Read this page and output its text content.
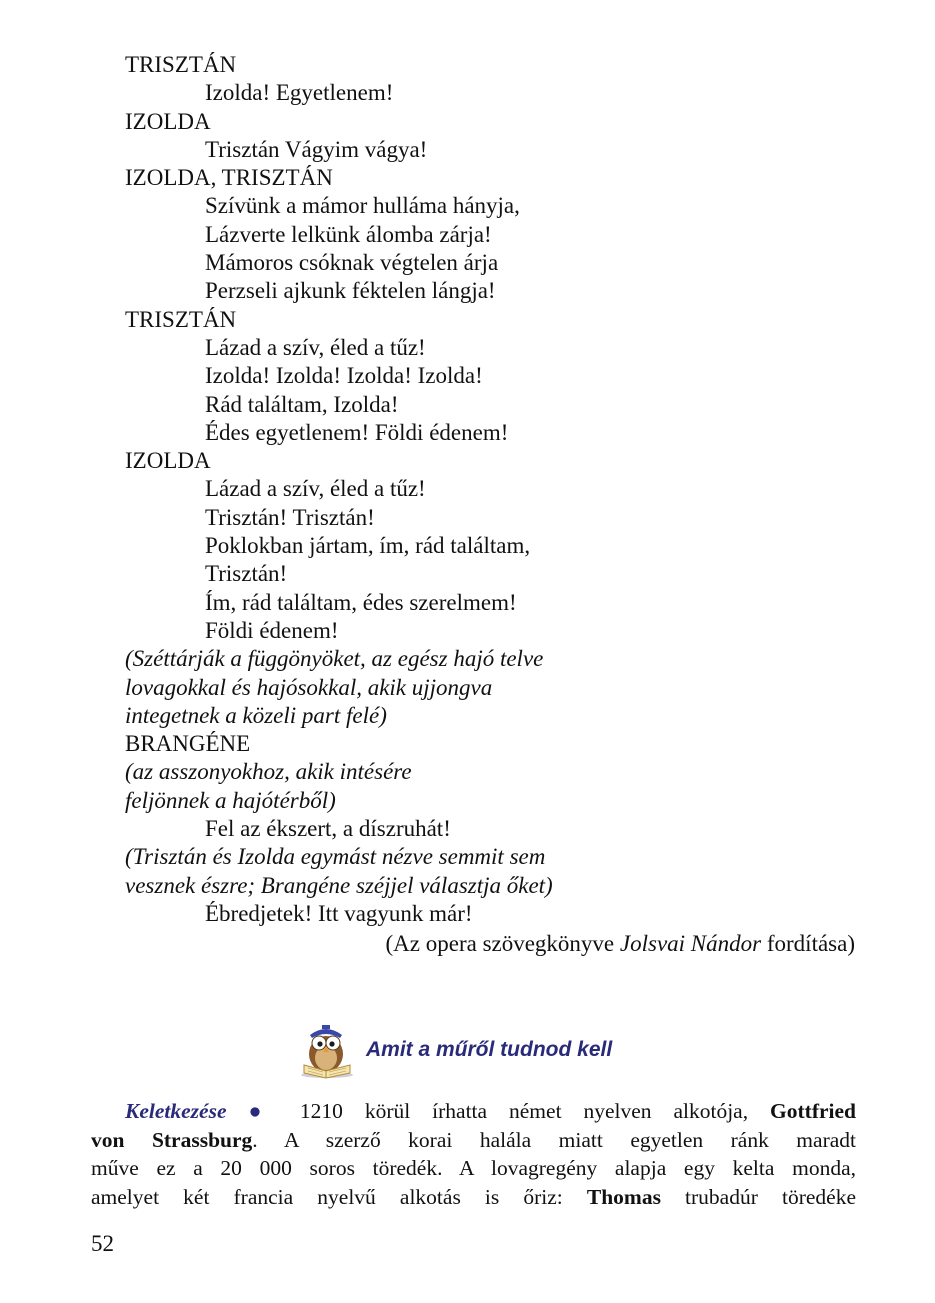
TRISZTÁN
Izolda! Egyetlenem!
IZOLDA
Trisztán Vágyim vágya!
IZOLDA, TRISZTÁN
Szívünk a mámor hulláma hányja,
Lázverte lelkünk álomba zárja!
Mámoros csóknak végtelen árja
Perzseli ajkunk féktelen lángja!
TRISZTÁN
Lázad a szív, éled a tűz!
Izolda! Izolda! Izolda! Izolda!
Rád találtam, Izolda!
Édes egyetlenem! Földi édenem!
IZOLDA
Lázad a szív, éled a tűz!
Trisztán! Trisztán!
Poklokban jártam, ím, rád találtam,
Trisztán!
Ím, rád találtam, édes szerelmem!
Földi édenem!
(Széttárják a függönyöket, az egész hajó telve
lovagokkal és hajósokkal, akik ujjongva
integetnek a közeli part felé)
BRANGÉNE
(az asszonyokhoz, akik intésére
feljönnek a hajótérből)
Fel az ékszert, a díszruhát!
(Trisztán és Izolda egymást nézve semmit sem
vesznek észre; Brangéne széjjel választja őket)
Ébredjetek! Itt vagyunk már!
(Az opera szövegkönyve Jolsvai Nándor fordítása)
Amit a műről tudnod kell
Keletkezése ● 1210 körül írhatta német nyelven alkotója, Gottfried
von Strassburg. A szerző korai halála miatt egyetlen ránk maradt
műve ez a 20 000 soros töredék. A lovagregény alapja egy kelta monda,
amelyet két francia nyelvű alkotás is őriz: Thomas trubadúr töredéke
52
